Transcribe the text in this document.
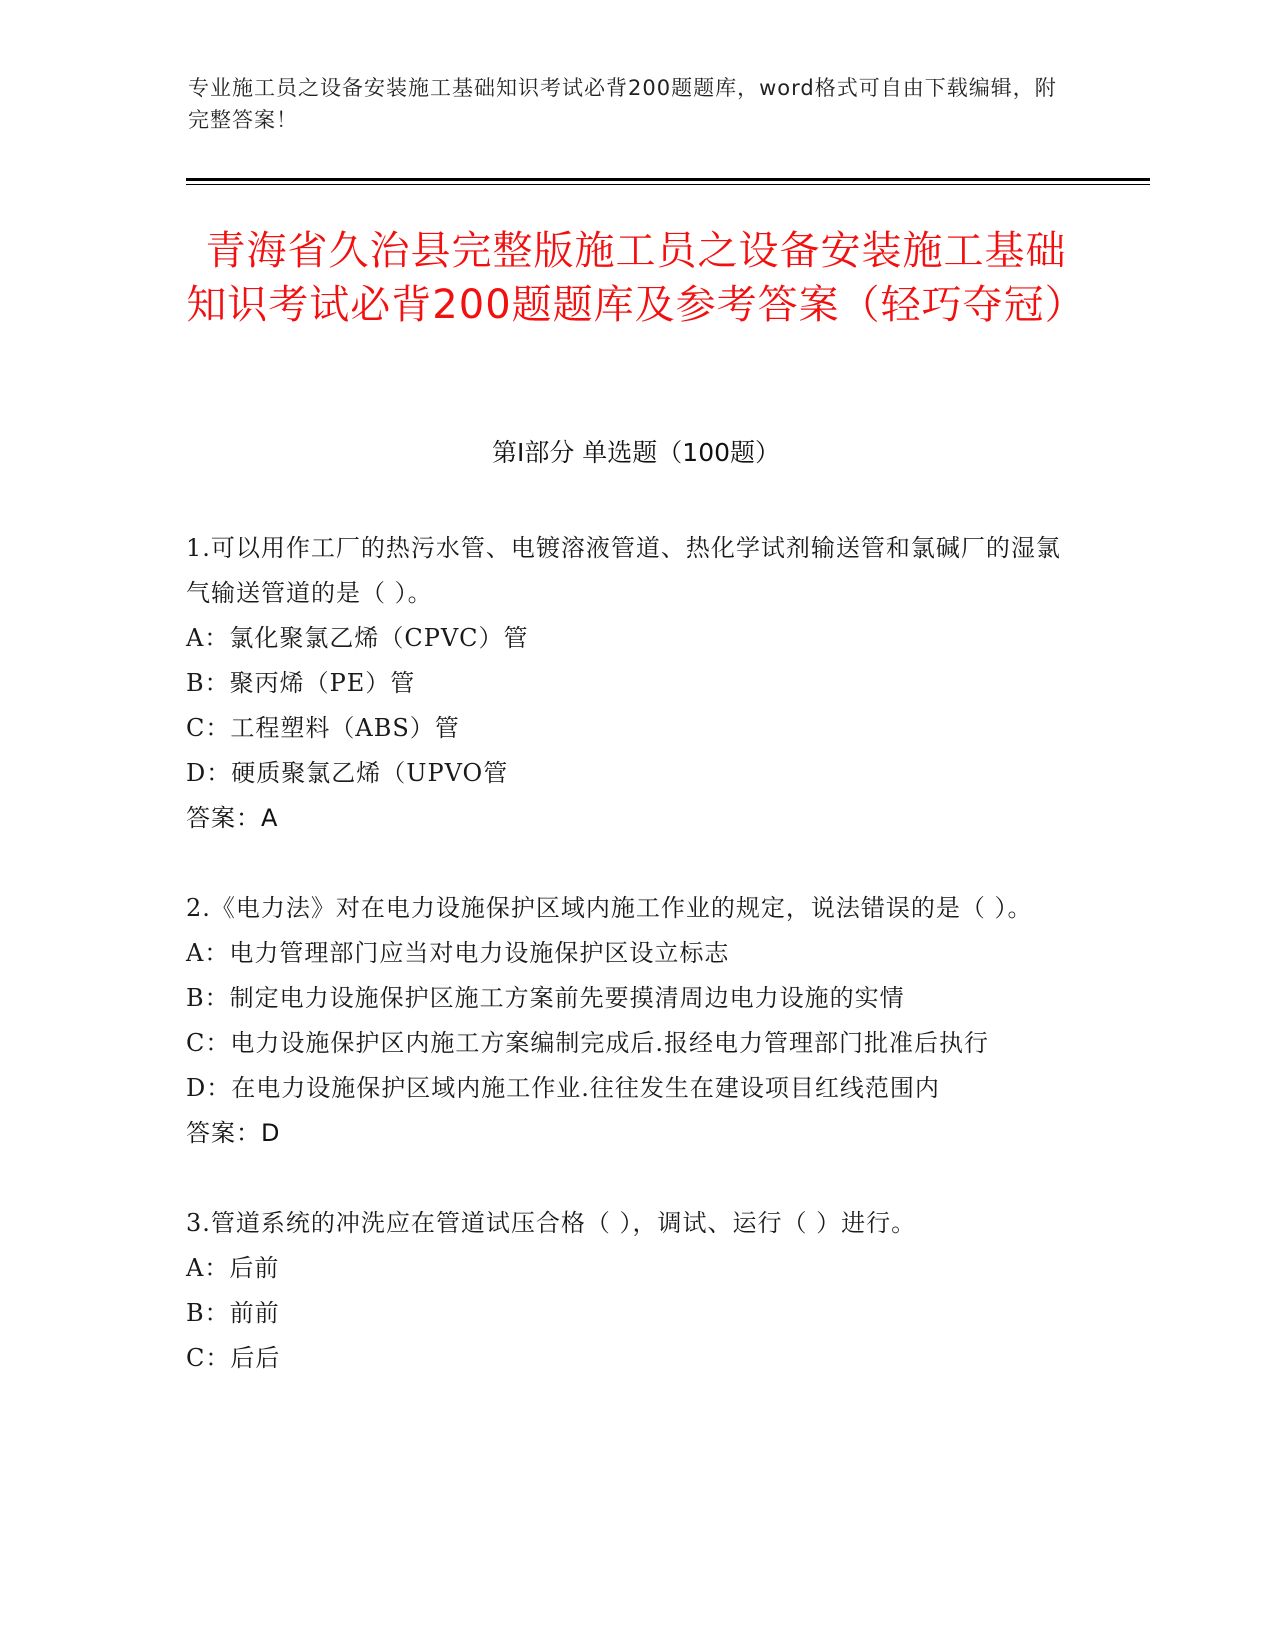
专业施工员之设备安装施工基础知识考试必背200题题库，word格式可自由下载编辑，附完整答案！
青海省久治县完整版施工员之设备安装施工基础知识考试必背200题题库及参考答案（轻巧夺冠）
第Ⅰ部分 单选题（100题）

1.可以用作工厂的热污水管、电镀溶液管道、热化学试剂输送管和氯碱厂的湿氯气输送管道的是（ ）。

A：氯化聚氯乙烯（CPVC）管

B：聚丙烯（PE）管

C：工程塑料（ABS）管

D：硬质聚氯乙烯（UPVO管

答案：A

2.《电力法》对在电力设施保护区域内施工作业的规定，说法错误的是（ ）。

A：电力管理部门应当对电力设施保护区设立标志

B：制定电力设施保护区施工方案前先要摸清周边电力设施的实情

C：电力设施保护区内施工方案编制完成后.报经电力管理部门批准后执行

D：在电力设施保护区域内施工作业.往往发生在建设项目红线范围内

答案：D

3.管道系统的冲洗应在管道试压合格（ ），调试、运行（ ）进行。

A：后前

B：前前

C：后后
